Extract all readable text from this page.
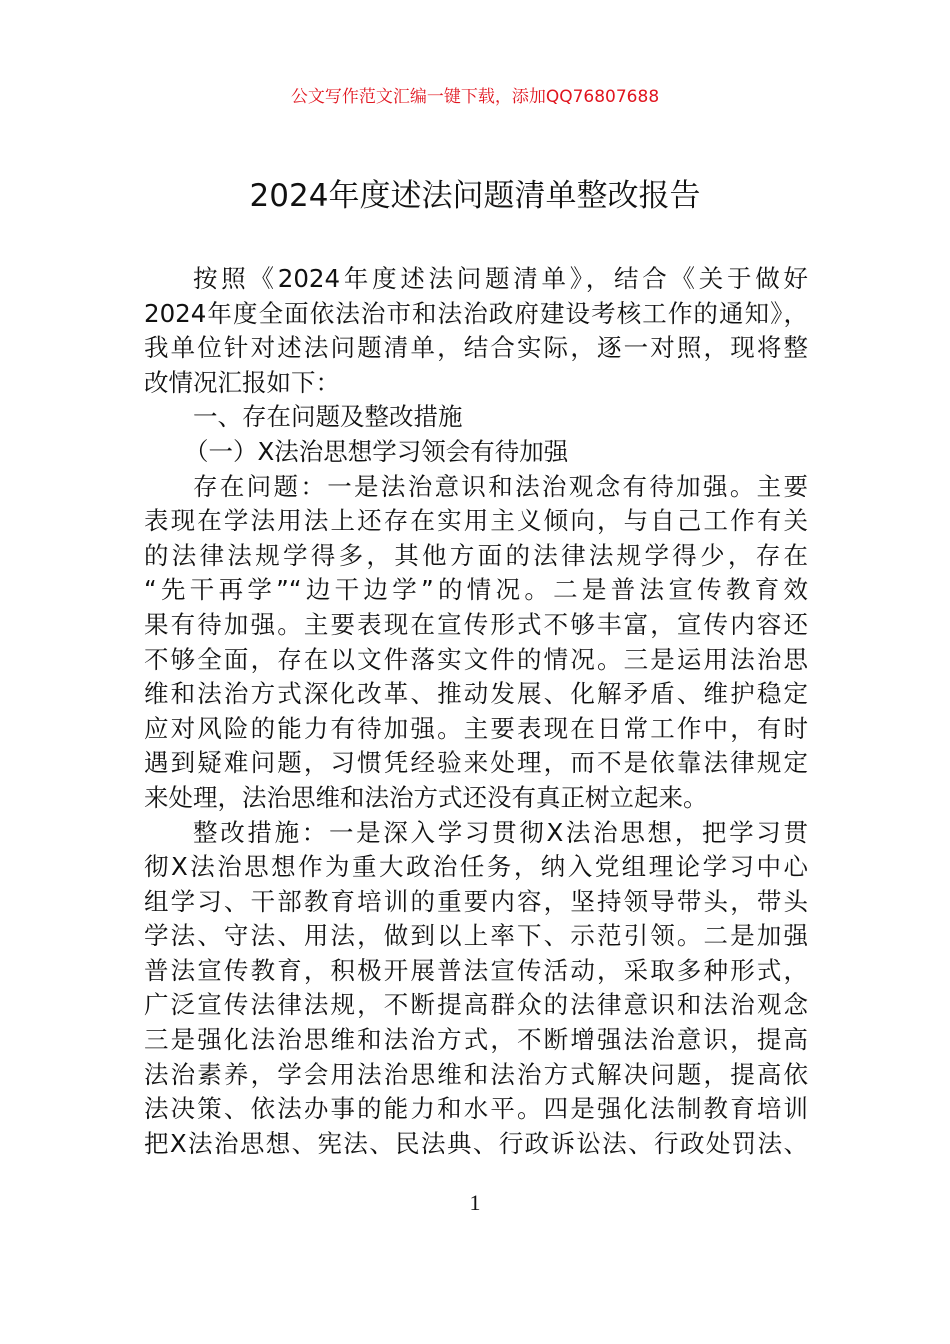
公文写作范文汇编一键下载，添加QQ76807688
2024年度述法问题清单整改报告
按照《2024年度述法问题清单》，结合《关于做好
2024年度全面依法治市和法治政府建设考核工作的通知》，
我单位针对述法问题清单，结合实际，逐一对照，现将整
改情况汇报如下：
一、存在问题及整改措施
（一）X法治思想学习领会有待加强
存在问题：一是法治意识和法治观念有待加强。主要
表现在学法用法上还存在实用主义倾向，与自己工作有关
的法律法规学得多，其他方面的法律法规学得少，存在
“先干再学”“边干边学”的情况。二是普法宣传教育效
果有待加强。主要表现在宣传形式不够丰富，宣传内容还
不够全面，存在以文件落实文件的情况。三是运用法治思
维和法治方式深化改革、推动发展、化解矛盾、维护稳定
应对风险的能力有待加强。主要表现在日常工作中，有时
遇到疑难问题，习惯凭经验来处理，而不是依靠法律规定
来处理，法治思维和法治方式还没有真正树立起来。
整改措施：一是深入学习贯彻X法治思想，把学习贯
彻X法治思想作为重大政治任务，纳入党组理论学习中心
组学习、干部教育培训的重要内容，坚持领导带头，带头
学法、守法、用法，做到以上率下、示范引领。二是加强
普法宣传教育，积极开展普法宣传活动，采取多种形式，
广泛宣传法律法规，不断提高群众的法律意识和法治观念
三是强化法治思维和法治方式，不断增强法治意识，提高
法治素养，学会用法治思维和法治方式解决问题，提高依
法决策、依法办事的能力和水平。四是强化法制教育培训
把X法治思想、宪法、民法典、行政诉讼法、行政处罚法、
1
